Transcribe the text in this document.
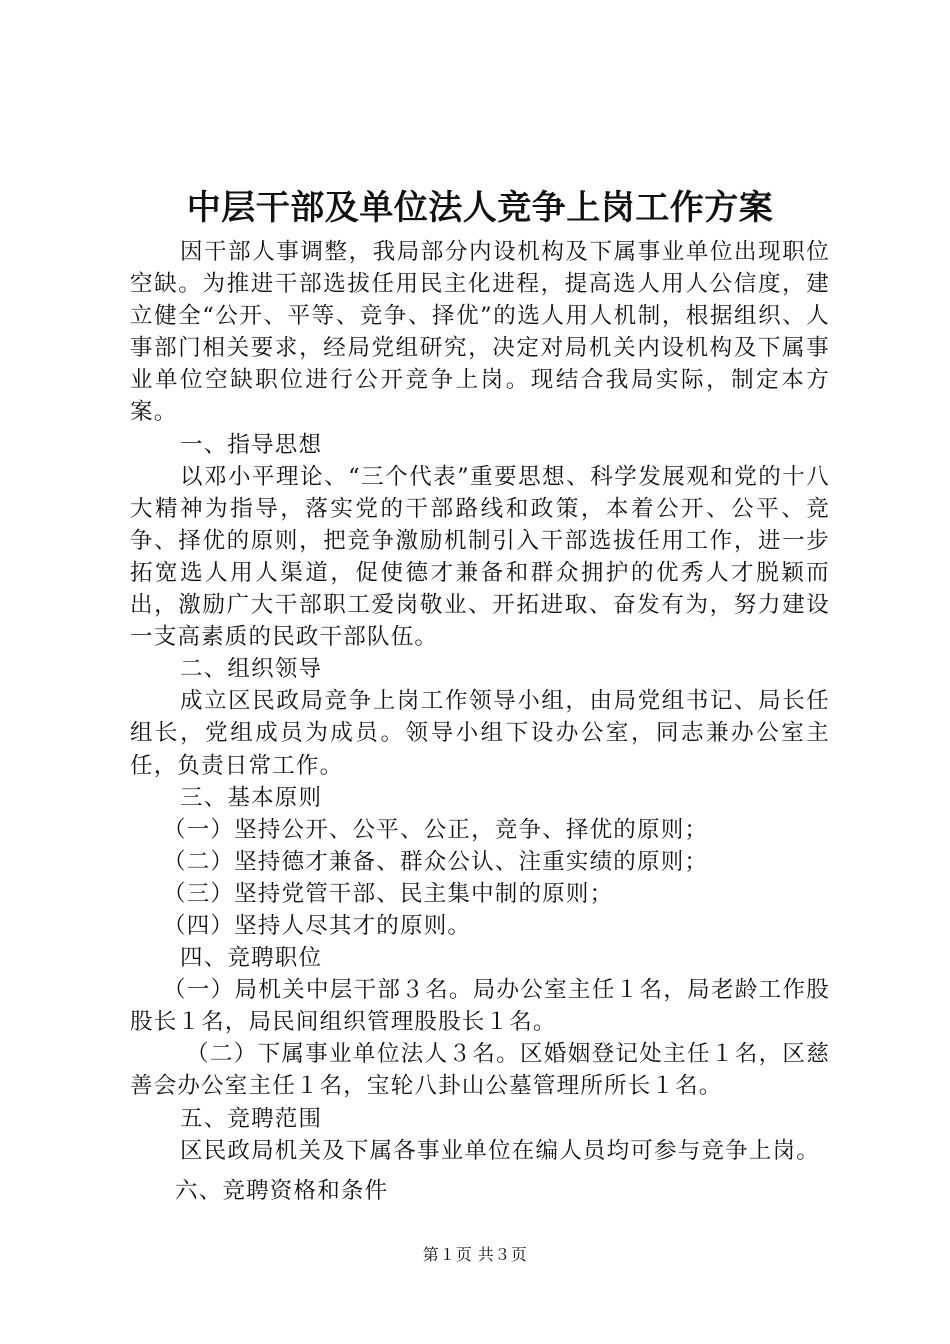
中层干部及单位法人竞争上岗工作方案

因干部人事调整，我局部分内设机构及下属事业单位出现职位空缺。为推进干部选拔任用民主化进程，提高选人用人公信度，建立健全“公开、平等、竞争、择优”的选人用人机制，根据组织、人事部门相关要求，经局党组研究，决定对局机关内设机构及下属事业单位空缺职位进行公开竞争上岗。现结合我局实际，制定本方案。

一、指导思想

以邓小平理论、“三个代表”重要思想、科学发展观和党的十八大精神为指导，落实党的干部路线和政策，本着公开、公平、竞争、择优的原则，把竞争激励机制引入干部选拔任用工作，进一步拓宽选人用人渠道，促使德才兼备和群众拥护的优秀人才脱颖而出，激励广大干部职工爱岗敬业、开拓进取、奋发有为，努力建设一支高素质的民政干部队伍。

二、组织领导

成立区民政局竞争上岗工作领导小组，由局党组书记、局长任组长，党组成员为成员。领导小组下设办公室，同志兼办公室主任，负责日常工作。

三、基本原则

（一）坚持公开、公平、公正，竞争、择优的原则；

（二）坚持德才兼备、群众公认、注重实绩的原则；

（三）坚持党管干部、民主集中制的原则；

（四）坚持人尽其才的原则。

四、竞聘职位

（一）局机关中层干部３名。局办公室主任１名，局老龄工作股股长１名，局民间组织管理股股长１名。

（二）下属事业单位法人３名。区婚姻登记处主任１名，区慈善会办公室主任１名，宝轮八卦山公墓管理所所长１名。

五、竞聘范围

区民政局机关及下属各事业单位在编人员均可参与竞争上岗。

六、竞聘资格和条件

第１页 共３页
